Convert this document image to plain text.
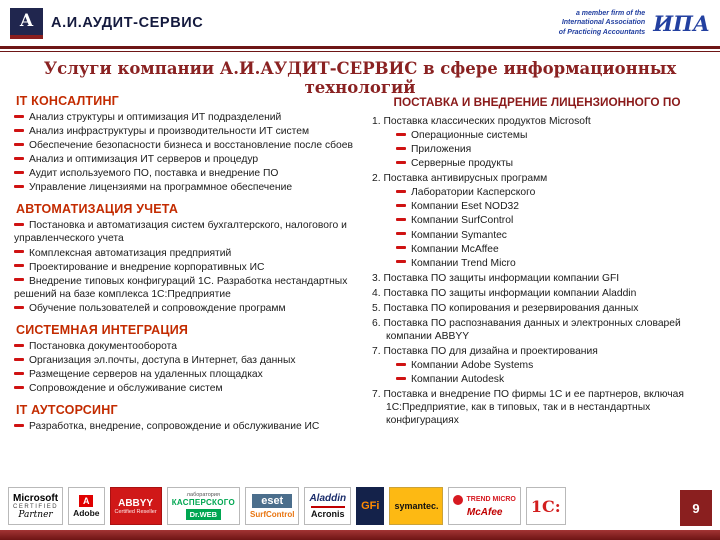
А	А.И.АУДИТ-СЕРВИС
a member firm of the
International Association
of Practicing Accountants ИПА
Услуги компании А.И.АУДИТ-СЕРВИС в сфере информационных технологий
IT КОНСАЛТИНГ
Анализ структуры и оптимизация ИТ подразделений
Анализ инфраструктуры и производительности ИТ систем
Обеспечение безопасности бизнеса и восстановление после сбоев
Анализ и оптимизация ИТ серверов и процедур
Аудит используемого ПО, поставка и внедрение ПО
Управление лицензиями на программное обеспечение
АВТОМАТИЗАЦИЯ УЧЕТА
Постановка и автоматизация систем бухгалтерского, налогового и управленческого учета
Комплексная автоматизация предприятий
Проектирование и внедрение корпоративных ИС
Внедрение типовых конфигураций 1С. Разработка нестандартных решений на базе комплекса 1С:Предприятие
Обучение пользователей и сопровождение программ
СИСТЕМНАЯ ИНТЕГРАЦИЯ
Постановка документооборота
Организация эл.почты, доступа в Интернет, баз данных
Размещение серверов на удаленных площадках
Сопровождение и обслуживание систем
IT АУТСОРСИНГ
Разработка, внедрение, сопровождение и обслуживание ИС
ПОСТАВКА И ВНЕДРЕНИЕ ЛИЦЕНЗИОННОГО ПО
1. Поставка классических продуктов Microsoft
Операционные системы
Приложения
Серверные продукты
2. Поставка антивирусных программ
Лаборатории Касперского
Компании Eset NOD32
Компании SurfControl
Компании Symantec
Компании McAffee
Компании Trend Micro
3. Поставка ПО защиты информации компании GFI
4. Поставка ПО защиты информации компании Aladdin
5. Поставка ПО копирования и резервирования данных
6. Поставка ПО распознавания данных и электронных словарей компании ABBYY
7. Поставка ПО для дизайна и проектирования
Компании Adobe Systems
Компании Autodesk
7. Поставка и внедрение ПО фирмы 1С и ее партнеров, включая 1С:Предприятие, как в типовых, так и в нестандартных конфигурациях
Microsoft
CERTIFIED
Partner
A
Adobe
ABBYY
Certified Reseller
лаборатория
КАСПЕРСКОГО
Dr.WEB
eset
SurfControl
Aladdin
Acronis
GFi symantec.
TREND MICRO
McAfee 1С:	9
